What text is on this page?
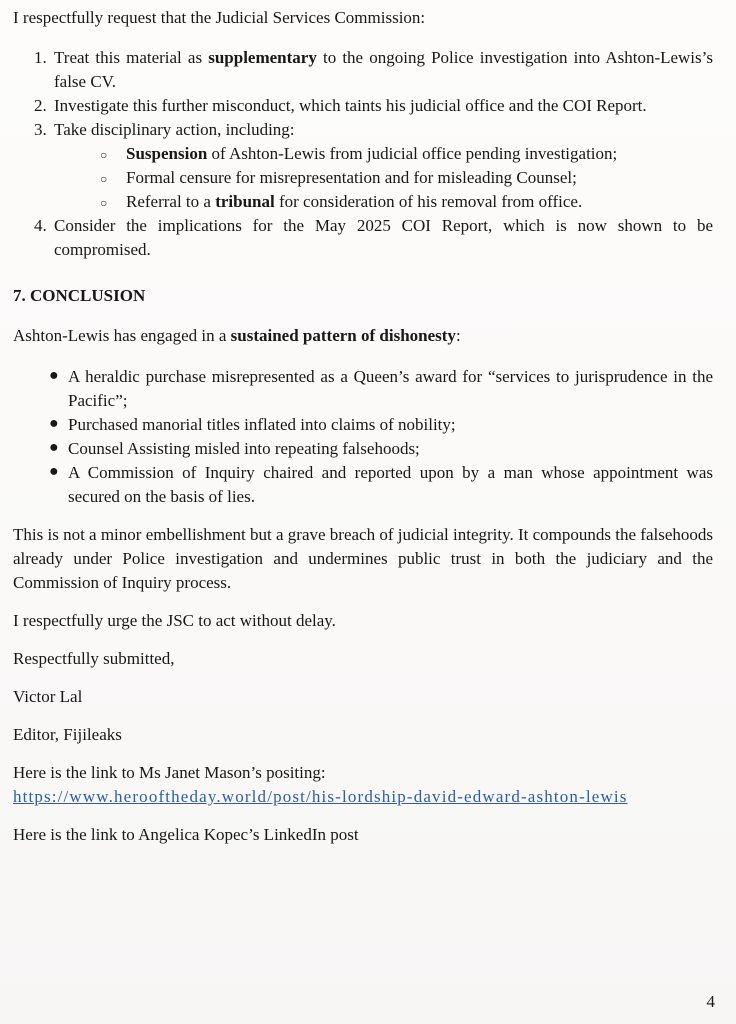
I respectfully request that the Judicial Services Commission:

1. Treat this material as supplementary to the ongoing Police investigation into Ashton-Lewis’s false CV.
2. Investigate this further misconduct, which taints his judicial office and the COI Report.
3. Take disciplinary action, including:
○ Suspension of Ashton-Lewis from judicial office pending investigation;
○ Formal censure for misrepresentation and for misleading Counsel;
○ Referral to a tribunal for consideration of his removal from office.
4. Consider the implications for the May 2025 COI Report, which is now shown to be compromised.
7. CONCLUSION

Ashton-Lewis has engaged in a sustained pattern of dishonesty:

● A heraldic purchase misrepresented as a Queen’s award for “services to jurisprudence in the Pacific”;
● Purchased manorial titles inflated into claims of nobility;
● Counsel Assisting misled into repeating falsehoods;
● A Commission of Inquiry chaired and reported upon by a man whose appointment was secured on the basis of lies.

This is not a minor embellishment but a grave breach of judicial integrity. It compounds the falsehoods already under Police investigation and undermines public trust in both the judiciary and the Commission of Inquiry process.

I respectfully urge the JSC to act without delay.

Respectfully submitted,

Victor Lal

Editor, Fijileaks

Here is the link to Ms Janet Mason’s positing:
https://www.herooftheday.world/post/his-lordship-david-edward-ashton-lewis

Here is the link to Angelica Kopec’s LinkedIn post

4
